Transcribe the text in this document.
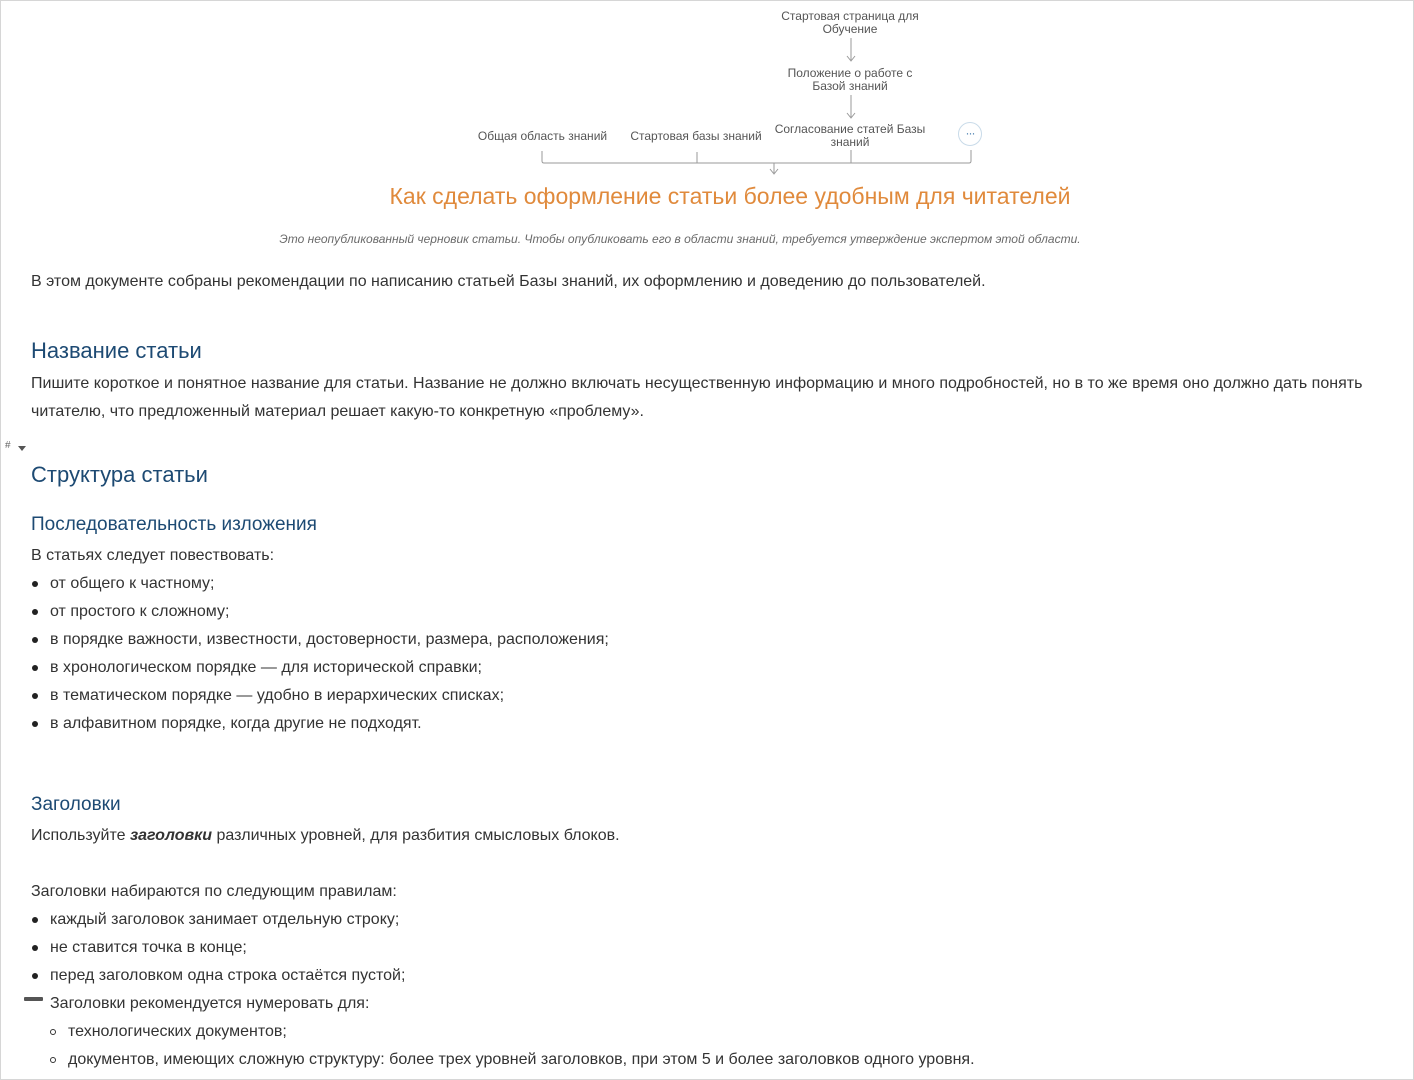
Стартовая страница для Обучение
Положение о работе с Базой знаний
Общая область знаний	Стартовая базы знаний	Согласование статей Базы знаний
···
Как сделать оформление статьи более удобным для читателей
Это неопубликованный черновик статьи. Чтобы опубликовать его в области знаний, требуется утверждение экспертом этой области.
#

В этом документе собраны рекомендации по написанию статьей Базы знаний, их оформлению и доведению до пользователей.

Название статьи

Пишите короткое и понятное название для статьи. Название не должно включать несущественную информацию и много подробностей, но в то же время оно должно дать понять читателю, что предложенный материал решает какую-то конкретную «проблему».

Структура статьи
Последовательность изложения

В статьях следует повествовать:

от общего к частному;
от простого к сложному;
в порядке важности, известности, достоверности, размера, расположения;
в хронологическом порядке — для исторической справки;
в тематическом порядке — удобно в иерархических списках;
в алфавитном порядке, когда другие не подходят.
Заголовки

Используйте заголовки различных уровней, для разбития смысловых блоков.

Заголовки набираются по следующим правилам:

каждый заголовок занимает отдельную строку;
не ставится точка в конце;
перед заголовком одна строка остаётся пустой;
Заголовки рекомендуется нумеровать для:
технологических документов;
документов, имеющих сложную структуру: более трех уровней заголовков, при этом 5 и более заголовков одного уровня.
